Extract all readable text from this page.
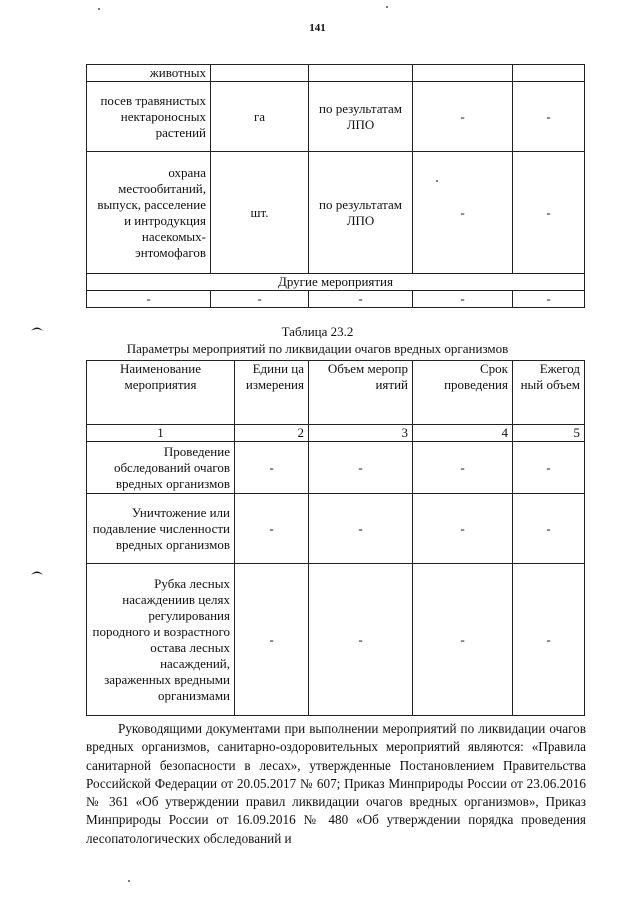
141
животных				
посев травянистых нектароносных растений	га	по результатам ЛПО	-	-
охрана местообитаний, выпуск, расселение и интродукция насекомых-энтомофагов	шт.	по результатам ЛПО	-	-
Другие мероприятия				
-	-	-	-	-
Таблица 23.2
Параметры мероприятий по ликвидации очагов вредных организмов
Наименование мероприятия	Едини ца измерения	Объем меропр иятий	Срок проведения	Ежегод ный объем
1	2	3	4	5
Проведение обследований очагов вредных организмов	-	-	-	-
Уничтожение или подавление численности вредных организмов	-	-	-	-
Рубка лесных насаждениив целях регулирования породного и возрастного остава лесных насаждений, зараженных вредными организмами	-	-	-	-

Руководящими документами при выполнении мероприятий по ликвидации очагов вредных организмов, санитарно-оздоровительных мероприятий являются: «Правила санитарной безопасности в лесах», утвержденные Постановлением Правительства Российской Федерации от 20.05.2017 № 607; Приказ Минприроды России от 23.06.2016 № 361 «Об утверждении правил ликвидации очагов вредных организмов», Приказ Минприроды России от 16.09.2016 № 480 «Об утверждении порядка проведения лесопатологических обследований и
